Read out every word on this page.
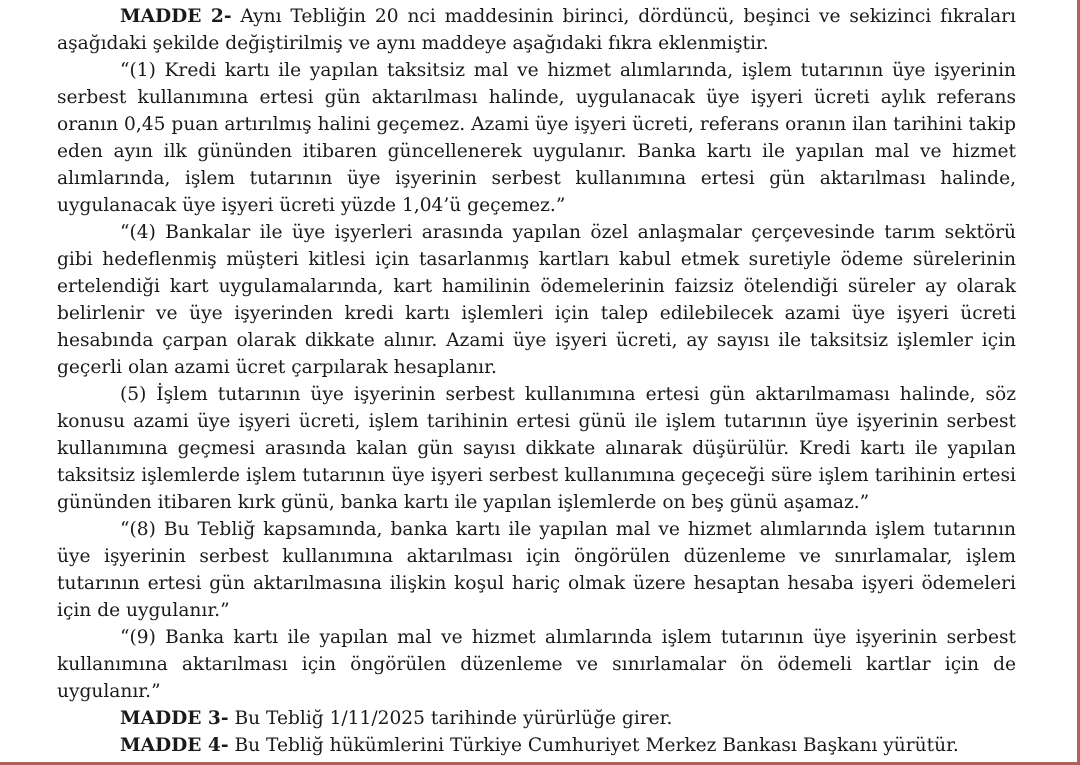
MADDE 2- Aynı Tebliğin 20 nci maddesinin birinci, dördüncü, beşinci ve sekizinci fıkraları aşağıdaki şekilde değiştirilmiş ve aynı maddeye aşağıdaki fıkra eklenmiştir.

“(1) Kredi kartı ile yapılan taksitsiz mal ve hizmet alımlarında, işlem tutarının üye işyerinin serbest kullanımına ertesi gün aktarılması halinde, uygulanacak üye işyeri ücreti aylık referans oranın 0,45 puan artırılmış halini geçemez. Azami üye işyeri ücreti, referans oranın ilan tarihini takip eden ayın ilk gününden itibaren güncellenerek uygulanır. Banka kartı ile yapılan mal ve hizmet alımlarında, işlem tutarının üye işyerinin serbest kullanımına ertesi gün aktarılması halinde, uygulanacak üye işyeri ücreti yüzde 1,04’ü geçemez.”

“(4) Bankalar ile üye işyerleri arasında yapılan özel anlaşmalar çerçevesinde tarım sektörü gibi hedeflenmiş müşteri kitlesi için tasarlanmış kartları kabul etmek suretiyle ödeme sürelerinin ertelendiği kart uygulamalarında, kart hamilinin ödemelerinin faizsiz ötelendiği süreler ay olarak belirlenir ve üye işyerinden kredi kartı işlemleri için talep edilebilecek azami üye işyeri ücreti hesabında çarpan olarak dikkate alınır. Azami üye işyeri ücreti, ay sayısı ile taksitsiz işlemler için geçerli olan azami ücret çarpılarak hesaplanır.

(5) İşlem tutarının üye işyerinin serbest kullanımına ertesi gün aktarılmaması halinde, söz konusu azami üye işyeri ücreti, işlem tarihinin ertesi günü ile işlem tutarının üye işyerinin serbest kullanımına geçmesi arasında kalan gün sayısı dikkate alınarak düşürülür. Kredi kartı ile yapılan taksitsiz işlemlerde işlem tutarının üye işyeri serbest kullanımına geçeceği süre işlem tarihinin ertesi gününden itibaren kırk günü, banka kartı ile yapılan işlemlerde on beş günü aşamaz.”

“(8) Bu Tebliğ kapsamında, banka kartı ile yapılan mal ve hizmet alımlarında işlem tutarının üye işyerinin serbest kullanımına aktarılması için öngörülen düzenleme ve sınırlamalar, işlem tutarının ertesi gün aktarılmasına ilişkin koşul hariç olmak üzere hesaptan hesaba işyeri ödemeleri için de uygulanır.”

“(9) Banka kartı ile yapılan mal ve hizmet alımlarında işlem tutarının üye işyerinin serbest kullanımına aktarılması için öngörülen düzenleme ve sınırlamalar ön ödemeli kartlar için de uygulanır.”

MADDE 3- Bu Tebliğ 1/11/2025 tarihinde yürürlüğe girer.

MADDE 4- Bu Tebliğ hükümlerini Türkiye Cumhuriyet Merkez Bankası Başkanı yürütür.
